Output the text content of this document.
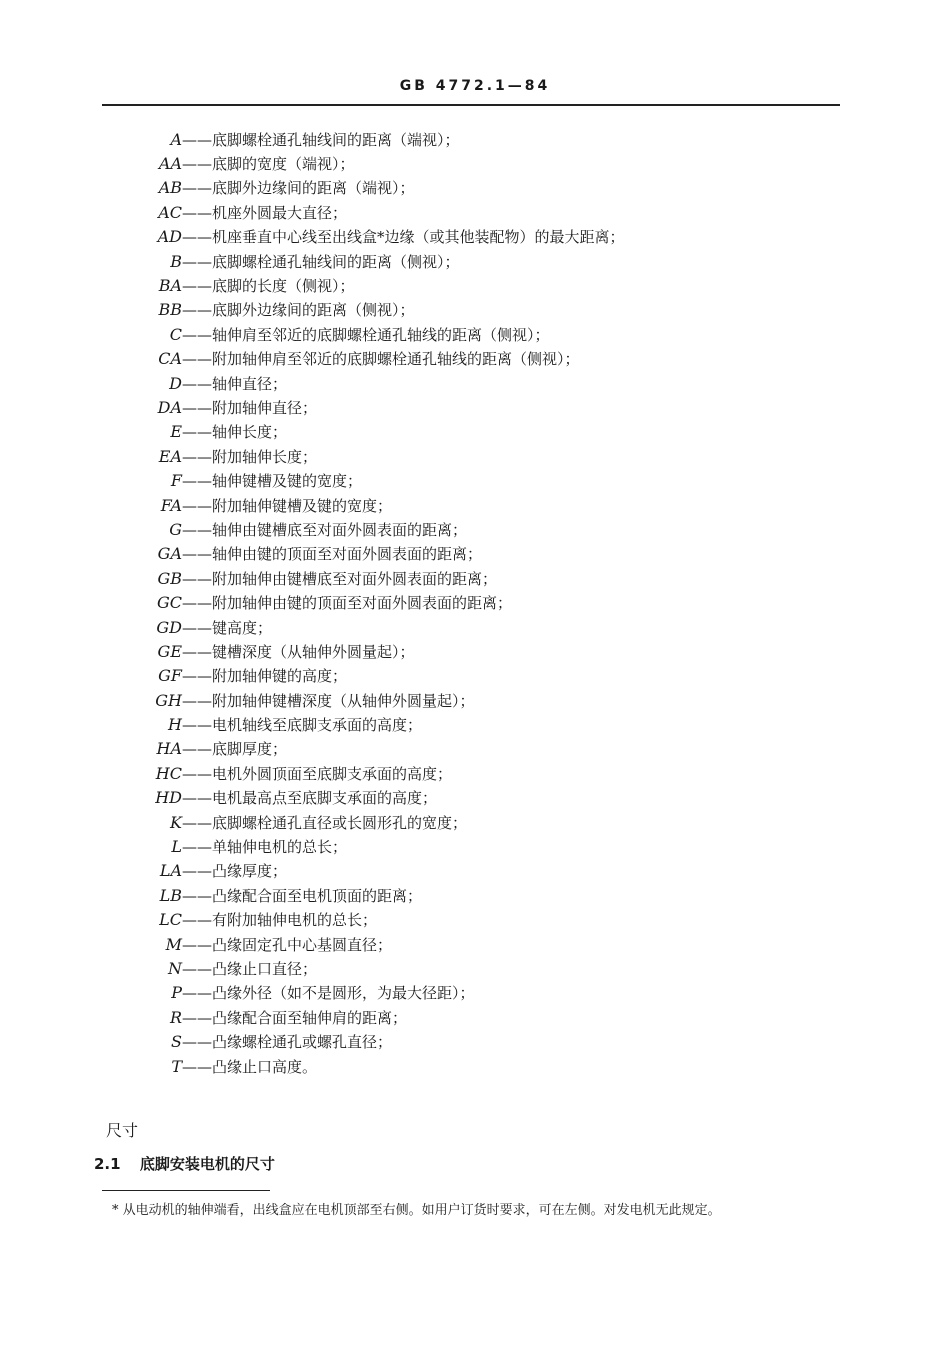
GB 4772.1—84
A ——底脚螺栓通孔轴线间的距离（端视）；
AA ——底脚的宽度（端视）；
AB ——底脚外边缘间的距离（端视）；
AC ——机座外圆最大直径；
AD ——机座垂直中心线至出线盒*边缘（或其他装配物）的最大距离；
B ——底脚螺栓通孔轴线间的距离（侧视）；
BA ——底脚的长度（侧视）；
BB ——底脚外边缘间的距离（侧视）；
C ——轴伸肩至邻近的底脚螺栓通孔轴线的距离（侧视）；
CA ——附加轴伸肩至邻近的底脚螺栓通孔轴线的距离（侧视）；
D ——轴伸直径；
DA ——附加轴伸直径；
E ——轴伸长度；
EA ——附加轴伸长度；
F ——轴伸键槽及键的宽度；
FA ——附加轴伸键槽及键的宽度；
G ——轴伸由键槽底至对面外圆表面的距离；
GA ——轴伸由键的顶面至对面外圆表面的距离；
GB ——附加轴伸由键槽底至对面外圆表面的距离；
GC ——附加轴伸由键的顶面至对面外圆表面的距离；
GD ——键高度；
GE ——键槽深度（从轴伸外圆量起）；
GF ——附加轴伸键的高度；
GH ——附加轴伸键槽深度（从轴伸外圆量起）；
H ——电机轴线至底脚支承面的高度；
HA ——底脚厚度；
HC ——电机外圆顶面至底脚支承面的高度；
HD ——电机最高点至底脚支承面的高度；
K ——底脚螺栓通孔直径或长圆形孔的宽度；
L ——单轴伸电机的总长；
LA ——凸缘厚度；
LB ——凸缘配合面至电机顶面的距离；
LC ——有附加轴伸电机的总长；
M ——凸缘固定孔中心基圆直径；
N ——凸缘止口直径；
P ——凸缘外径（如不是圆形，为最大径距）；
R ——凸缘配合面至轴伸肩的距离；
S ——凸缘螺栓通孔或螺孔直径；
T ——凸缘止口高度。
尺寸
2.1 底脚安装电机的尺寸
* 从电动机的轴伸端看，出线盒应在电机顶部至右侧。如用户订货时要求，可在左侧。对发电机无此规定。
